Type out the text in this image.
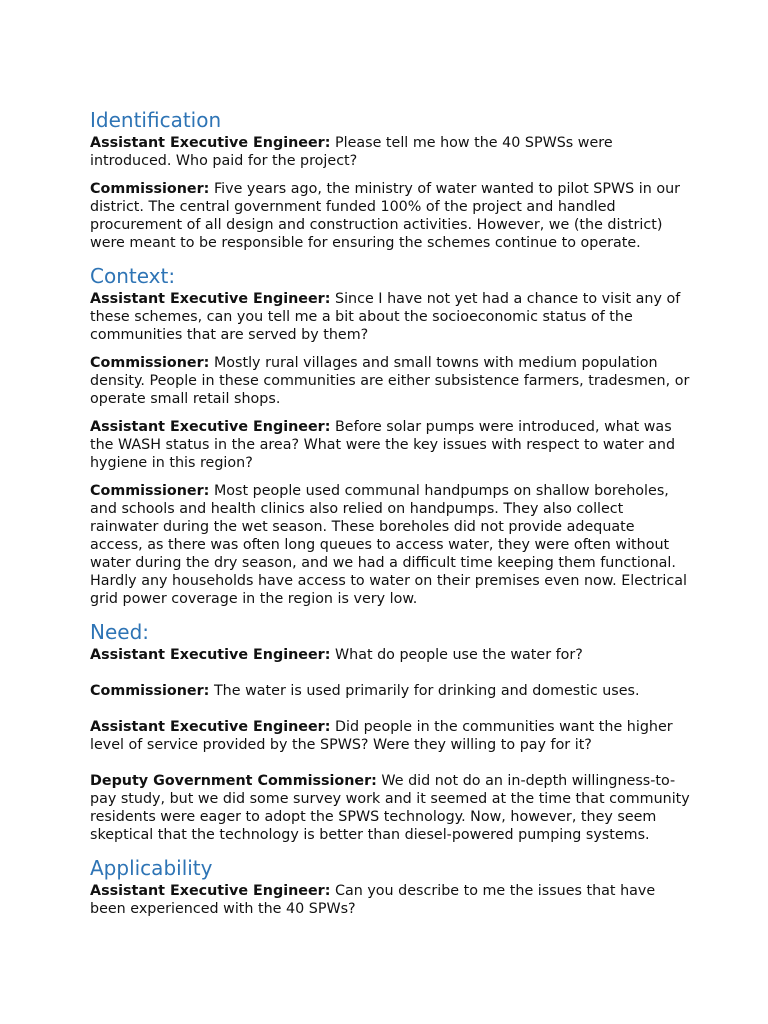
Identification

Assistant Executive Engineer: Please tell me how the 40 SPWSs were introduced. Who paid for the project?

Commissioner: Five years ago, the ministry of water wanted to pilot SPWS in our district. The central government funded 100% of the project and handled procurement of all design and construction activities. However, we (the district) were meant to be responsible for ensuring the schemes continue to operate.

Context:

Assistant Executive Engineer: Since I have not yet had a chance to visit any of these schemes, can you tell me a bit about the socioeconomic status of the communities that are served by them?

Commissioner: Mostly rural villages and small towns with medium population density. People in these communities are either subsistence farmers, tradesmen, or operate small retail shops.

Assistant Executive Engineer: Before solar pumps were introduced, what was the WASH status in the area? What were the key issues with respect to water and hygiene in this region?

Commissioner: Most people used communal handpumps on shallow boreholes, and schools and health clinics also relied on handpumps. They also collect rainwater during the wet season. These boreholes did not provide adequate access, as there was often long queues to access water, they were often without water during the dry season, and we had a difficult time keeping them functional. Hardly any households have access to water on their premises even now. Electrical grid power coverage in the region is very low.

Need:

Assistant Executive Engineer: What do people use the water for?

Commissioner: The water is used primarily for drinking and domestic uses.

Assistant Executive Engineer: Did people in the communities want the higher level of service provided by the SPWS? Were they willing to pay for it?

Deputy Government Commissioner: We did not do an in-depth willingness-to-pay study, but we did some survey work and it seemed at the time that community residents were eager to adopt the SPWS technology. Now, however, they seem skeptical that the technology is better than diesel-powered pumping systems.

Applicability

Assistant Executive Engineer: Can you describe to me the issues that have been experienced with the 40 SPWs?
